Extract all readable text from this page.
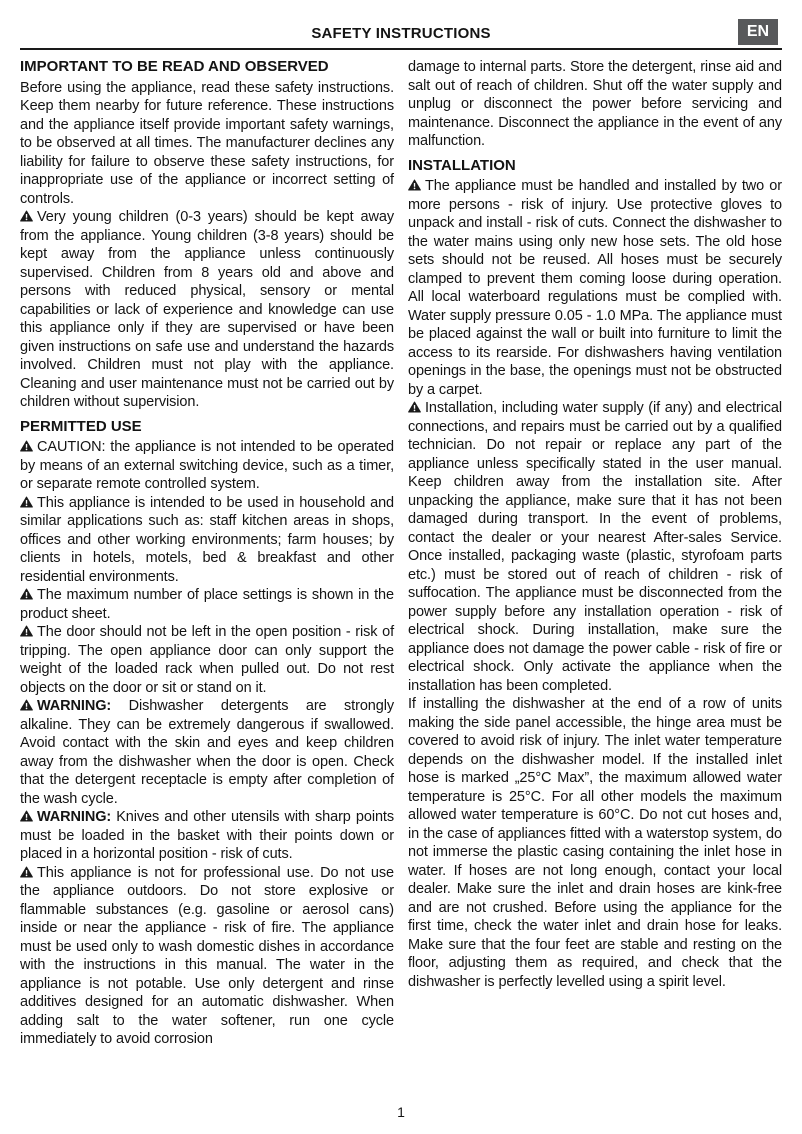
SAFETY INSTRUCTIONS	EN
IMPORTANT TO BE READ AND OBSERVED

Before using the appliance, read these safety instructions. Keep them nearby for future reference. These instructions and the appliance itself provide important safety warnings, to be observed at all times. The manufacturer declines any liability for failure to observe these safety instructions, for inappropriate use of the appliance or incorrect setting of controls.

Very young children (0-3 years) should be kept away from the appliance. Young children (3-8 years) should be kept away from the appliance unless continuously supervised. Children from 8 years old and above and persons with reduced physical, sensory or mental capabilities or lack of experience and knowledge can use this appliance only if they are supervised or have been given instructions on safe use and understand the hazards involved. Children must not play with the appliance. Cleaning and user maintenance must not be carried out by children without supervision.

PERMITTED USE

CAUTION: the appliance is not intended to be operated by means of an external switching device, such as a timer, or separate remote controlled system.

This appliance is intended to be used in household and similar applications such as: staff kitchen areas in shops, offices and other working environments; farm houses; by clients in hotels, motels, bed & breakfast and other residential environments.

The maximum number of place settings is shown in the product sheet.

The door should not be left in the open position - risk of tripping. The open appliance door can only support the weight of the loaded rack when pulled out. Do not rest objects on the door or sit or stand on it.

WARNING: Dishwasher detergents are strongly alkaline. They can be extremely dangerous if swallowed. Avoid contact with the skin and eyes and keep children away from the dishwasher when the door is open. Check that the detergent receptacle is empty after completion of the wash cycle.

WARNING: Knives and other utensils with sharp points must be loaded in the basket with their points down or placed in a horizontal position - risk of cuts.

This appliance is not for professional use. Do not use the appliance outdoors. Do not store explosive or flammable substances (e.g. gasoline or aerosol cans) inside or near the appliance - risk of fire. The appliance must be used only to wash domestic dishes in accordance with the instructions in this manual. The water in the appliance is not potable. Use only detergent and rinse additives designed for an automatic dishwasher. When adding salt to the water softener, run one cycle immediately to avoid corrosion

damage to internal parts. Store the detergent, rinse aid and salt out of reach of children. Shut off the water supply and unplug or disconnect the power before servicing and maintenance. Disconnect the appliance in the event of any malfunction.

INSTALLATION

The appliance must be handled and installed by two or more persons - risk of injury. Use protective gloves to unpack and install - risk of cuts. Connect the dishwasher to the water mains using only new hose sets. The old hose sets should not be reused. All hoses must be securely clamped to prevent them coming loose during operation. All local waterboard regulations must be complied with. Water supply pressure 0.05 - 1.0 MPa. The appliance must be placed against the wall or built into furniture to limit the access to its rearside. For dishwashers having ventilation openings in the base, the openings must not be obstructed by a carpet.

Installation, including water supply (if any) and electrical connections, and repairs must be carried out by a qualified technician. Do not repair or replace any part of the appliance unless specifically stated in the user manual. Keep children away from the installation site. After unpacking the appliance, make sure that it has not been damaged during transport. In the event of problems, contact the dealer or your nearest After-sales Service. Once installed, packaging waste (plastic, styrofoam parts etc.) must be stored out of reach of children - risk of suffocation. The appliance must be disconnected from the power supply before any installation operation - risk of electrical shock. During installation, make sure the appliance does not damage the power cable - risk of fire or electrical shock. Only activate the appliance when the installation has been completed.

If installing the dishwasher at the end of a row of units making the side panel accessible, the hinge area must be covered to avoid risk of injury. The inlet water temperature depends on the dishwasher model. If the installed inlet hose is marked „25°C Max”, the maximum allowed water temperature is 25°C. For all other models the maximum allowed water temperature is 60°C. Do not cut hoses and, in the case of appliances fitted with a waterstop system, do not immerse the plastic casing containing the inlet hose in water. If hoses are not long enough, contact your local dealer. Make sure the inlet and drain hoses are kink-free and are not crushed. Before using the appliance for the first time, check the water inlet and drain hose for leaks. Make sure that the four feet are stable and resting on the floor, adjusting them as required, and check that the dishwasher is perfectly levelled using a spirit level.

1
